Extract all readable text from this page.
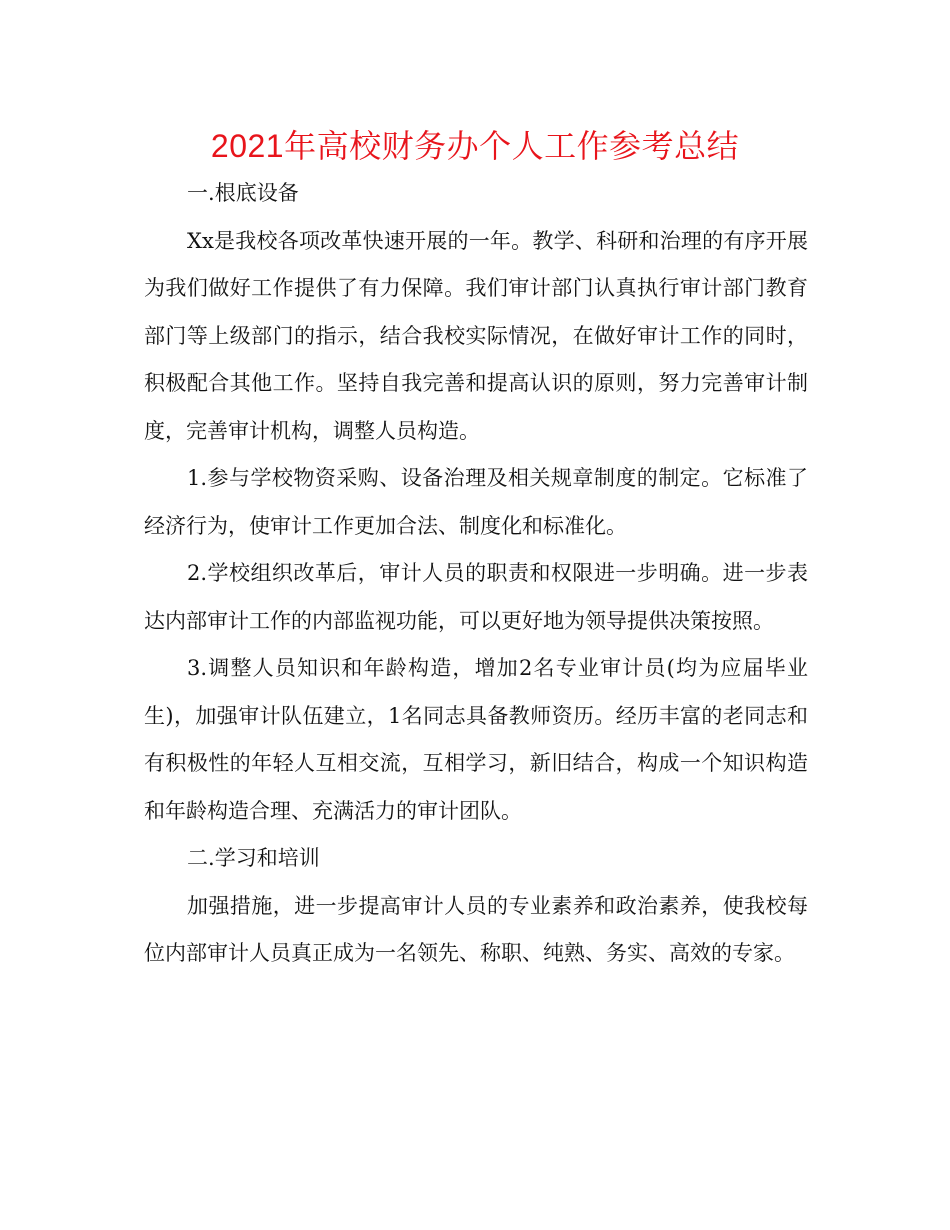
2021年高校财务办个人工作参考总结

一.根底设备

Xx是我校各项改革快速开展的一年。教学、科研和治理的有序开展为我们做好工作提供了有力保障。我们审计部门认真执行审计部门教育部门等上级部门的指示，结合我校实际情况，在做好审计工作的同时，积极配合其他工作。坚持自我完善和提高认识的原则，努力完善审计制度，完善审计机构，调整人员构造。

1.参与学校物资采购、设备治理及相关规章制度的制定。它标准了经济行为，使审计工作更加合法、制度化和标准化。

2.学校组织改革后，审计人员的职责和权限进一步明确。进一步表达内部审计工作的内部监视功能，可以更好地为领导提供决策按照。

3.调整人员知识和年龄构造，增加2名专业审计员(均为应届毕业生)，加强审计队伍建立，1名同志具备教师资历。经历丰富的老同志和有积极性的年轻人互相交流，互相学习，新旧结合，构成一个知识构造和年龄构造合理、充满活力的审计团队。

二.学习和培训

加强措施，进一步提高审计人员的专业素养和政治素养，使我校每位内部审计人员真正成为一名领先、称职、纯熟、务实、高效的专家。
